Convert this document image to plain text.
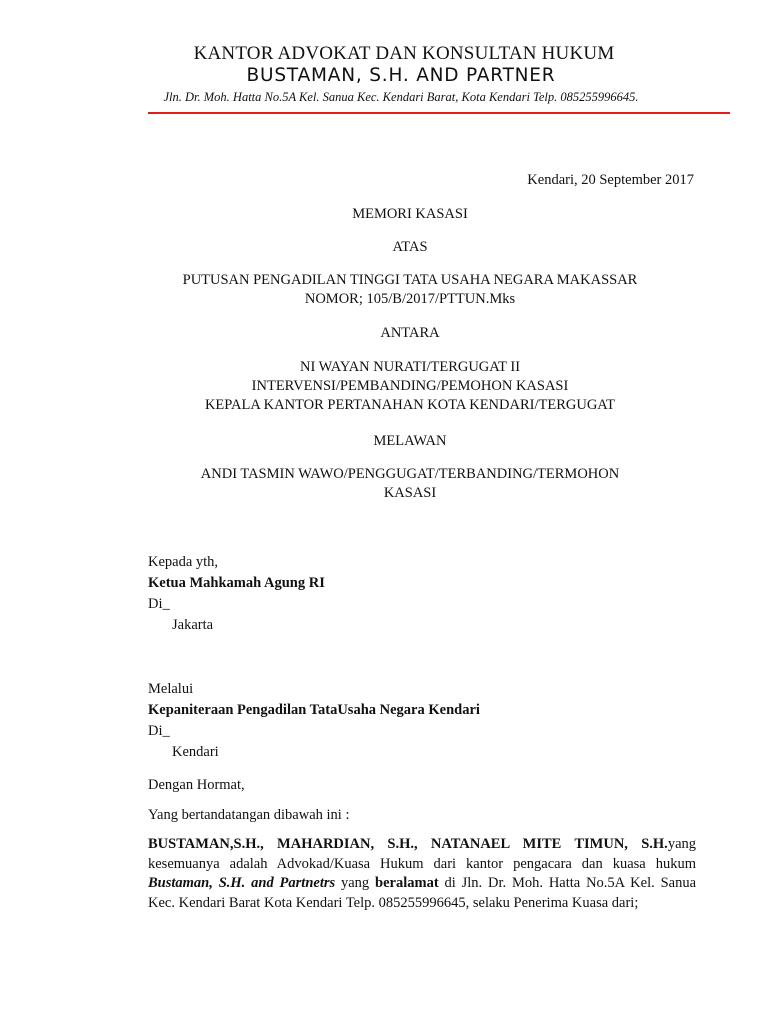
KANTOR ADVOKAT DAN KONSULTAN HUKUM
BUSTAMAN, S.H. AND PARTNER
Jln. Dr. Moh. Hatta No.5A Kel. Sanua Kec. Kendari Barat, Kota Kendari Telp. 085255996645.
Kendari, 20 September 2017
MEMORI KASASI
ATAS
PUTUSAN PENGADILAN TINGGI TATA USAHA NEGARA MAKASSAR
NOMOR; 105/B/2017/PTTUN.Mks
ANTARA
NI WAYAN NURATI/TERGUGAT II
INTERVENSI/PEMBANDING/PEMOHON KASASI
KEPALA KANTOR PERTANAHAN KOTA KENDARI/TERGUGAT
MELAWAN
ANDI TASMIN WAWO/PENGGUGAT/TERBANDING/TERMOHON
KASASI
Kepada yth,
Ketua Mahkamah Agung RI
Di_
Jakarta
Melalui
Kepaniteraan Pengadilan TataUsaha Negara Kendari
Di_
Kendari
Dengan Hormat,
Yang bertandatangan dibawah ini :
BUSTAMAN,S.H., MAHARDIAN, S.H., NATANAEL MITE TIMUN, S.H.yang kesemuanya adalah Advokad/Kuasa Hukum dari kantor pengacara dan kuasa hukum Bustaman, S.H. and Partnetrs yang beralamat di Jln. Dr. Moh. Hatta No.5A Kel. Sanua Kec. Kendari Barat Kota Kendari Telp. 085255996645, selaku Penerima Kuasa dari;
